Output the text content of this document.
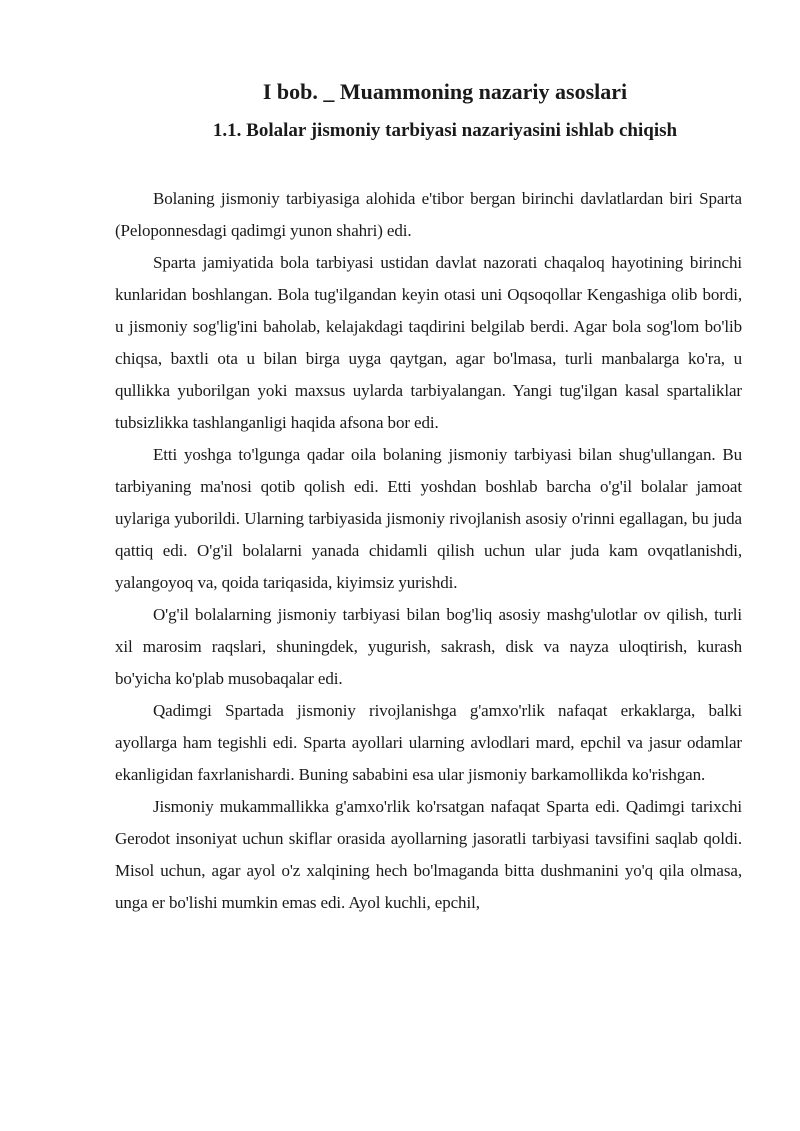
I bob. _ Muammoning nazariy asoslari
1.1. Bolalar jismoniy tarbiyasi nazariyasini ishlab chiqish

Bolaning jismoniy tarbiyasiga alohida e'tibor bergan birinchi davlatlardan biri Sparta (Peloponnesdagi qadimgi yunon shahri) edi.

Sparta jamiyatida bola tarbiyasi ustidan davlat nazorati chaqaloq hayotining birinchi kunlaridan boshlangan. Bola tug'ilgandan keyin otasi uni Oqsoqollar Kengashiga olib bordi, u jismoniy sog'lig'ini baholab, kelajakdagi taqdirini belgilab berdi. Agar bola sog'lom bo'lib chiqsa, baxtli ota u bilan birga uyga qaytgan, agar bo'lmasa, turli manbalarga ko'ra, u qullikka yuborilgan yoki maxsus uylarda tarbiyalangan. Yangi tug'ilgan kasal spartaliklar tubsizlikka tashlanganligi haqida afsona bor edi.

Etti yoshga to'lgunga qadar oila bolaning jismoniy tarbiyasi bilan shug'ullangan. Bu tarbiyaning ma'nosi qotib qolish edi. Etti yoshdan boshlab barcha o'g'il bolalar jamoat uylariga yuborildi. Ularning tarbiyasida jismoniy rivojlanish asosiy o'rinni egallagan, bu juda qattiq edi. O'g'il bolalarni yanada chidamli qilish uchun ular juda kam ovqatlanishdi, yalangoyoq va, qoida tariqasida, kiyimsiz yurishdi.

O'g'il bolalarning jismoniy tarbiyasi bilan bog'liq asosiy mashg'ulotlar ov qilish, turli xil marosim raqslari, shuningdek, yugurish, sakrash, disk va nayza uloqtirish, kurash bo'yicha ko'plab musobaqalar edi.

Qadimgi Spartada jismoniy rivojlanishga g'amxo'rlik nafaqat erkaklarga, balki ayollarga ham tegishli edi. Sparta ayollari ularning avlodlari mard, epchil va jasur odamlar ekanligidan faxrlanishardi. Buning sababini esa ular jismoniy barkamollikda ko'rishgan.

Jismoniy mukammallikka g'amxo'rlik ko'rsatgan nafaqat Sparta edi. Qadimgi tarixchi Gerodot insoniyat uchun skiflar orasida ayollarning jasoratli tarbiyasi tavsifini saqlab qoldi. Misol uchun, agar ayol o'z xalqining hech bo'lmaganda bitta dushmanini yo'q qila olmasa, unga er bo'lishi mumkin emas edi. Ayol kuchli, epchil,
